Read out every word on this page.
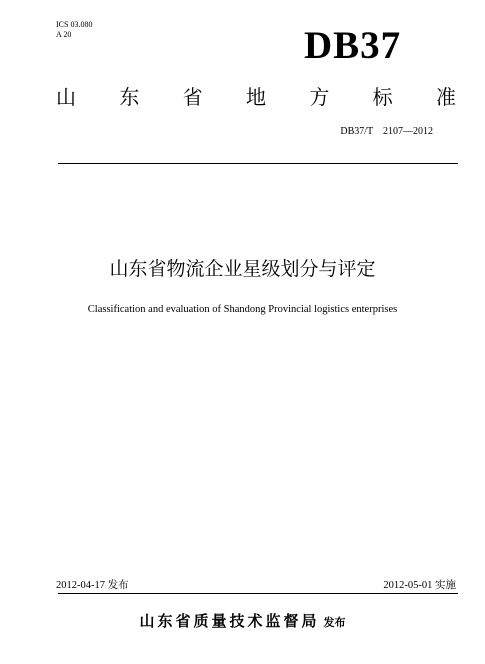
ICS 03.080
A 20	DB37
山 东 省 地 方 标 准
DB37/T　2107—2012
山东省物流企业星级划分与评定
Classification and evaluation of Shandong Provincial logistics enterprises
2012-04-17 发布	2012-05-01 实施
山东省质量技术监督局 发布
